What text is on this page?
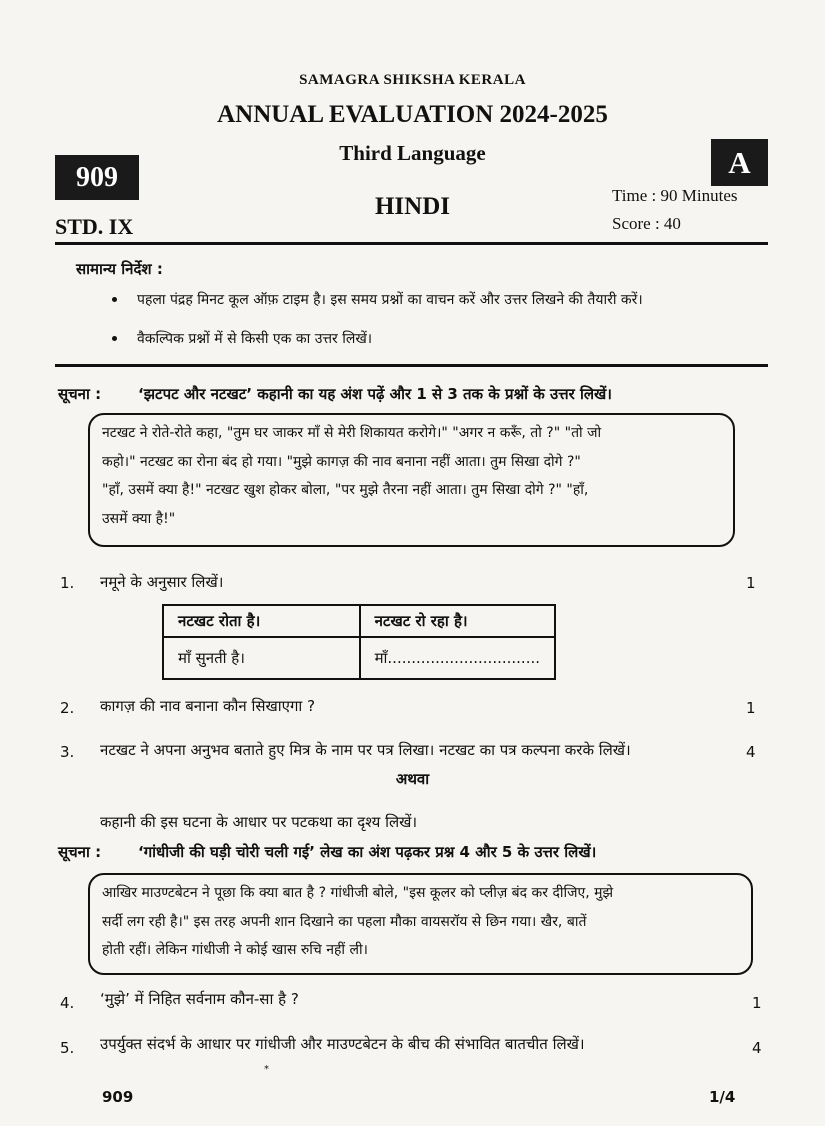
SAMAGRA SHIKSHA KERALA
ANNUAL EVALUATION 2024-2025
Third Language
HINDI
909	A
STD. IX
Time : 90 Minutes
Score : 40
सामान्य निर्देश :
पहला पंद्रह मिनट कूल ऑफ़ टाइम है। इस समय प्रश्नों का वाचन करें और उत्तर लिखने की तैयारी करें।
वैकल्पिक प्रश्नों में से किसी एक का उत्तर लिखें।
सूचना : ‘झटपट और नटखट’ कहानी का यह अंश पढ़ें और 1 से 3 तक के प्रश्नों के उत्तर लिखें।
नटखट ने रोते-रोते कहा, "तुम घर जाकर माँ से मेरी शिकायत करोगे।" "अगर न करूँ, तो ?" "तो जो
कहो।" नटखट का रोना बंद हो गया। "मुझे कागज़ की नाव बनाना नहीं आता। तुम सिखा दोगे ?"
"हाँ, उसमें क्या है!" नटखट खुश होकर बोला, "पर मुझे तैरना नहीं आता। तुम सिखा दोगे ?" "हाँ,
उसमें क्या है!"
1. नमूने के अनुसार लिखें।	1
नटखट रोता है।	नटखट रो रहा है।
माँ सुनती है।	माँ................................
2. कागज़ की नाव बनाना कौन सिखाएगा ?	1
3. नटखट ने अपना अनुभव बताते हुए मित्र के नाम पर पत्र लिखा। नटखट का पत्र कल्पना करके लिखें।	4
अथवा
कहानी की इस घटना के आधार पर पटकथा का दृश्य लिखें।
सूचना : ‘गांधीजी की घड़ी चोरी चली गई’ लेख का अंश पढ़कर प्रश्न 4 और 5 के उत्तर लिखें।
आखिर माउण्टबेटन ने पूछा कि क्या बात है ? गांधीजी बोले, "इस कूलर को प्लीज़ बंद कर दीजिए, मुझे
सर्दी लग रही है।" इस तरह अपनी शान दिखाने का पहला मौका वायसरॉय से छिन गया। खैर, बातें
होती रहीं। लेकिन गांधीजी ने कोई खास रुचि नहीं ली।
4. ‘मुझे’ में निहित सर्वनाम कौन-सा है ?	1
5. उपर्युक्त संदर्भ के आधार पर गांधीजी और माउण्टबेटन के बीच की संभावित बातचीत लिखें।	4
*
909	1/4
